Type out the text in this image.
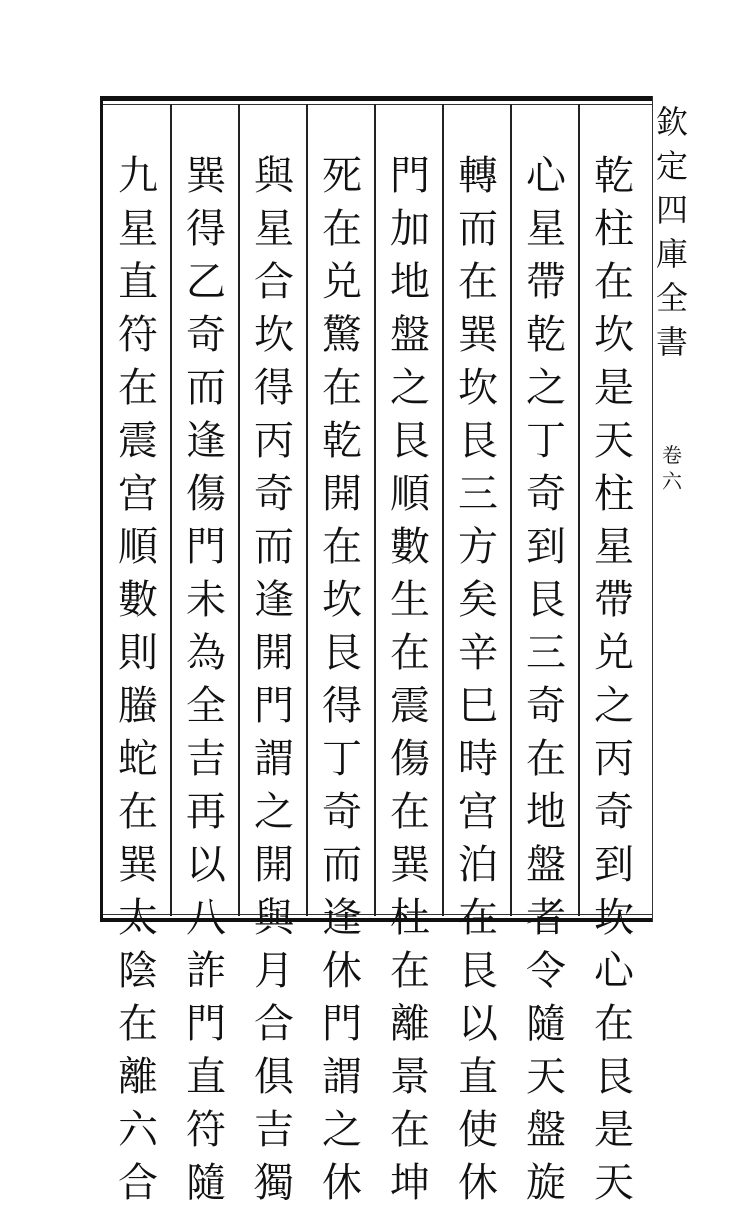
欽
定
四
庫
全
書
卷
六
乾
柱
在
坎
是
天
柱
星
帶
兑
之
丙
奇
到
坎
心
在
艮
是
天
心
星
帶
乾
之
丁
奇
到
艮
三
奇
在
地
盤
者
令
隨
天
盤
旋
轉
而
在
巽
坎
艮
三
方
矣
辛
巳
時
宫
泊
在
艮
以
直
使
休
門
加
地
盤
之
艮
順
數
生
在
震
傷
在
巽
杜
在
離
景
在
坤
死
在
兑
驚
在
乾
開
在
坎
艮
得
丁
奇
而
逢
休
門
謂
之
休
與
星
合
坎
得
丙
奇
而
逢
開
門
謂
之
開
與
月
合
俱
吉
獨
巽
得
乙
奇
而
逢
傷
門
未
為
全
吉
再
以
八
詐
門
直
符
隨
九
星
直
符
在
震
宫
順
數
則
螣
蛇
在
巽
太
陰
在
離
六
合
